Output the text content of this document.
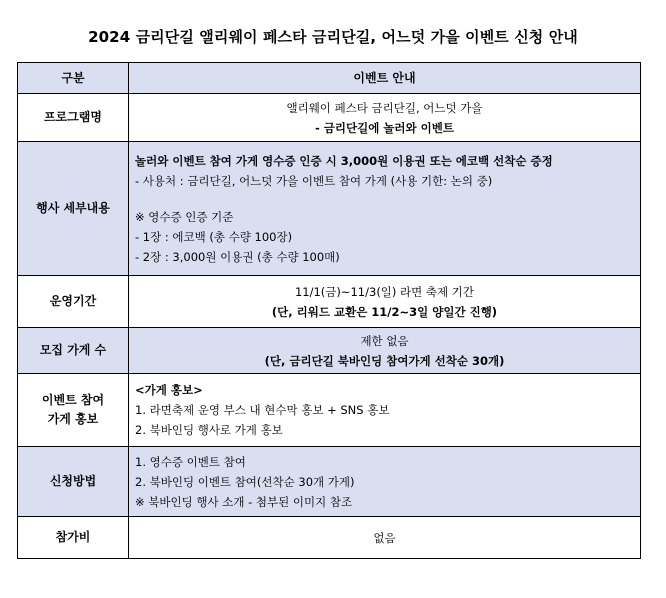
2024 금리단길 앨리웨이 페스타 금리단길, 어느덧 가을 이벤트 신청 안내
구분	이벤트 안내
프로그램명	앨리웨이 페스타 금리단길, 어느덧 가을
- 금리단길에 놀러와 이벤트

행사 세부내용	놀러와 이벤트 참여 가게 영수증 인증 시 3,000원 이용권 또는 에코백 선착순 증정
- 사용처 : 금리단길, 어느덧 가을 이벤트 참여 가게 (사용 기한: 논의 중)
※ 영수증 인증 기준
- 1장 : 에코백 (총 수량 100장)
- 2장 : 3,000원 이용권 (총 수량 100매)

운영기간	11/1(금)~11/3(일) 라면 축제 기간
(단, 리워드 교환은 11/2~3일 양일간 진행)

모집 가게 수	제한 없음
(단, 금리단길 북바인딩 참여가게 선착순 30개)

이벤트 참여
가게 홍보	<가게 홍보>
1. 라면축제 운영 부스 내 현수막 홍보 + SNS 홍보
2. 북바인딩 행사로 가게 홍보

신청방법	1. 영수증 이벤트 참여
2. 북바인딩 이벤트 참여(선착순 30개 가게)
※ 북바인딩 행사 소개 - 첨부된 이미지 참조

참가비	없음
